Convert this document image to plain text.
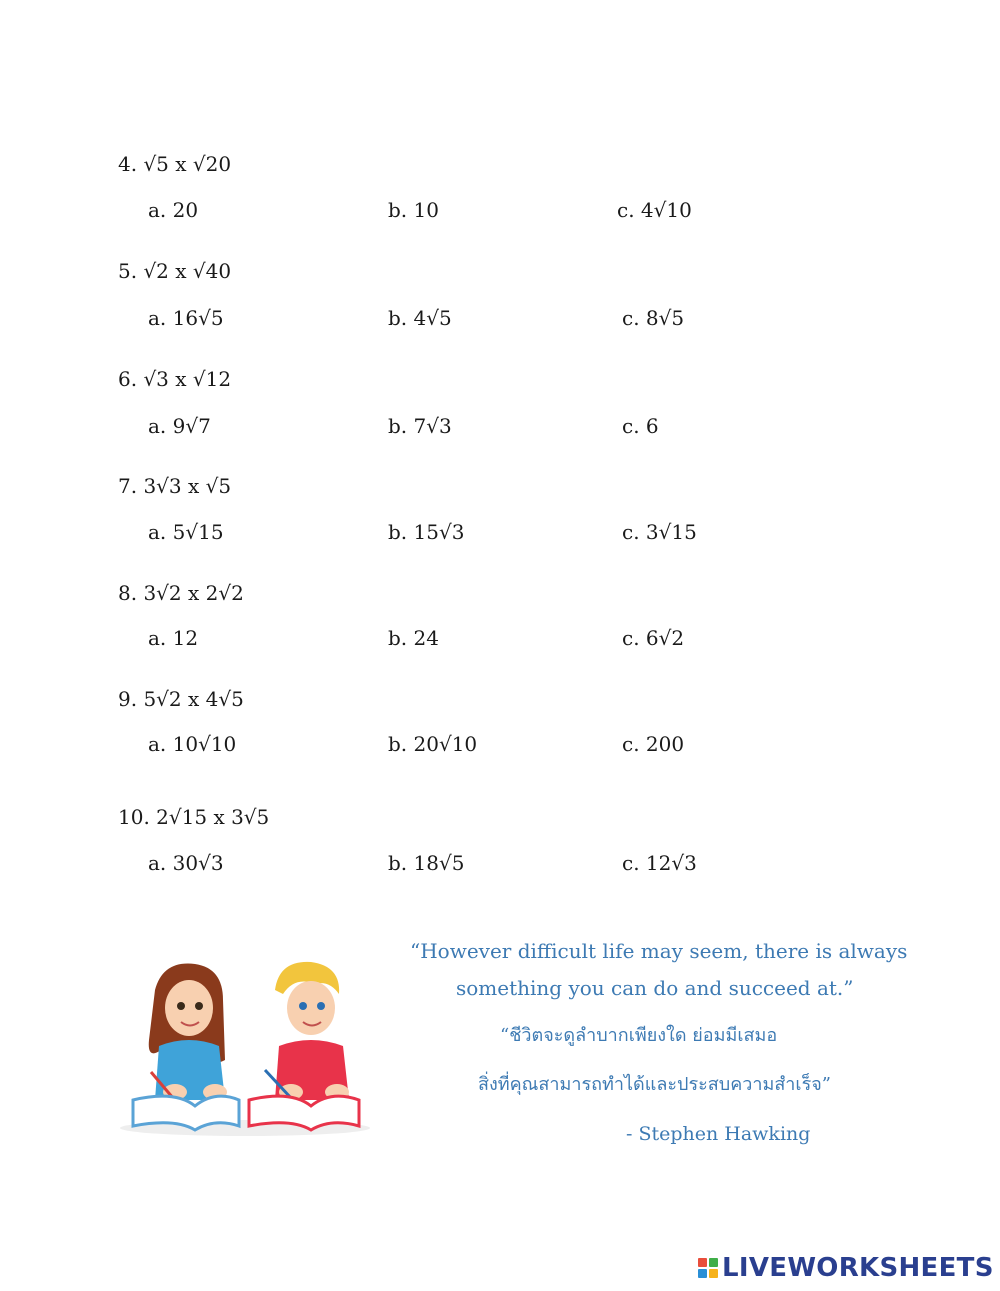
4. √5 x √20
a. 20	b. 10	c. 4√10
5. √2 x √40
a. 16√5	b. 4√5	c. 8√5
6. √3 x √12
a. 9√7	b. 7√3	c. 6
7. 3√3 x √5
a. 5√15	b. 15√3	c. 3√15
8. 3√2 x 2√2
a. 12	b. 24	c. 6√2
9. 5√2 x 4√5
a. 10√10	b. 20√10	c. 200
10. 2√15 x 3√5
a. 30√3	b. 18√5	c. 12√3
“However difficult life may seem, there is always
something you can do and succeed at.”
“ชีวิตจะดูลำบากเพียงใด ย่อมมีเสมอ
สิ่งที่คุณสามารถทำได้และประสบความสำเร็จ”
- Stephen Hawking
LIVEWORKSHEETS
